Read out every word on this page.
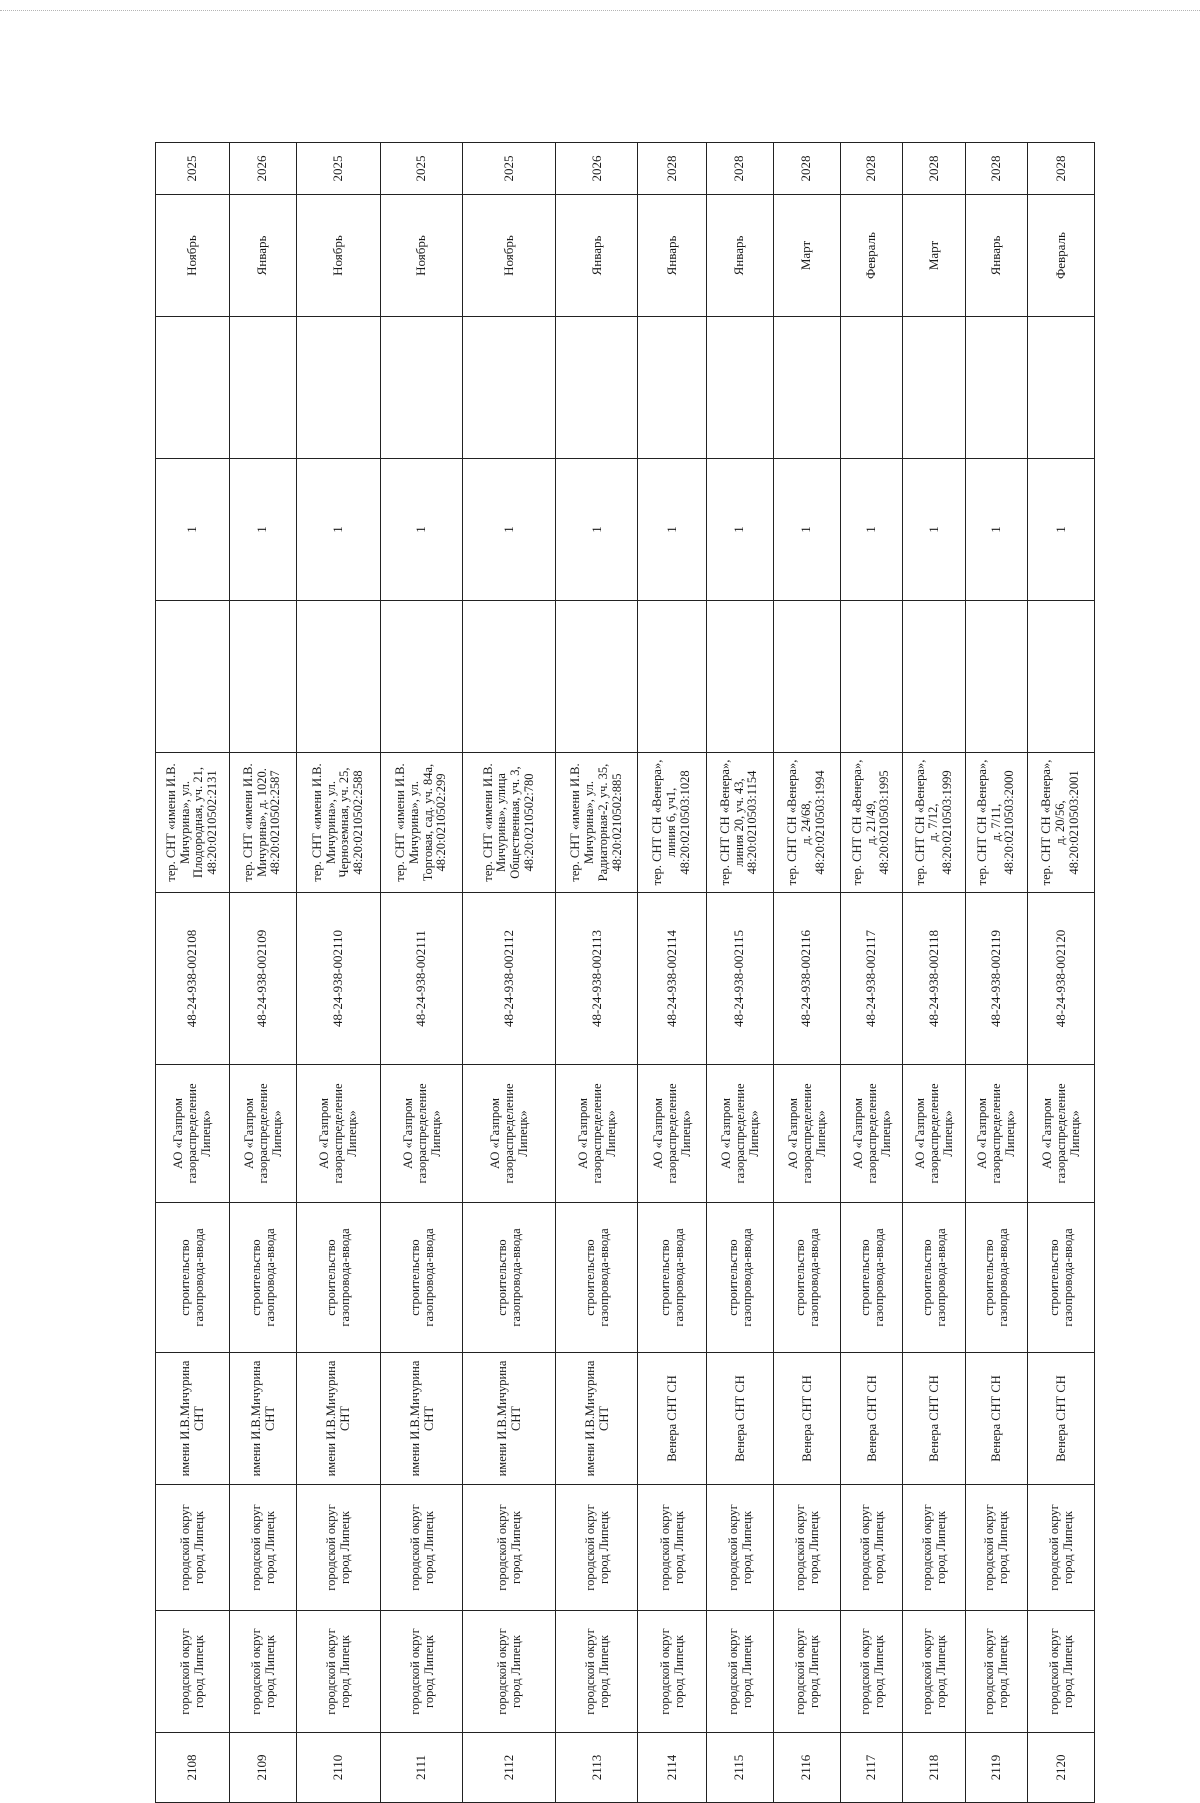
2108	городской округ город Липецк	городской округ город Липецк	имени И.В.Мичурина СНТ	строительство газопровода-ввода	АО «Газпром газораспределение Липецк»	48-24-938-002108	тер. СНТ «имени И.В. Мичурина», ул. Плодородная, уч. 21, 48:20:0210502:2131		1		Ноябрь	2025
2109	городской округ город Липецк	городской округ город Липецк	имени И.В.Мичурина СНТ	строительство газопровода-ввода	АО «Газпром газораспределение Липецк»	48-24-938-002109	тер. СНТ «имени И.В. Мичурина», д. 1020. 48:20:0210502:2587		1		Январь	2026
2110	городской округ город Липецк	городской округ город Липецк	имени И.В.Мичурина СНТ	строительство газопровода-ввода	АО «Газпром газораспределение Липецк»	48-24-938-002110	тер. СНТ «имени И.В. Мичурина», ул. Черноземная, уч. 25, 48:20:0210502:2588		1		Ноябрь	2025
2111	городской округ город Липецк	городской округ город Липецк	имени И.В.Мичурина СНТ	строительство газопровода-ввода	АО «Газпром газораспределение Липецк»	48-24-938-002111	тер. СНТ «имени И.В. Мичурина», ул. Торговая, сад. уч. 84а, 48:20:0210502:299		1		Ноябрь	2025
2112	городской округ город Липецк	городской округ город Липецк	имени И.В.Мичурина СНТ	строительство газопровода-ввода	АО «Газпром газораспределение Липецк»	48-24-938-002112	тер. СНТ «имени И.В. Мичурина», улица Общественная, уч. 3, 48:20:0210502:780		1		Ноябрь	2025
2113	городской округ город Липецк	городской округ город Липецк	имени И.В.Мичурина СНТ	строительство газопровода-ввода	АО «Газпром газораспределение Липецк»	48-24-938-002113	тер. СНТ «имени И.В. Мичурина», ул. Радиаторная-2, уч. 35, 48:20:0210502:885		1		Январь	2026
2114	городской округ город Липецк	городской округ город Липецк	Венера СНТ СН	строительство газопровода-ввода	АО «Газпром газораспределение Липецк»	48-24-938-002114	тер. СНТ СН «Венера», линия 6, уч1, 48:20:0210503:1028		1		Январь	2028
2115	городской округ город Липецк	городской округ город Липецк	Венера СНТ СН	строительство газопровода-ввода	АО «Газпром газораспределение Липецк»	48-24-938-002115	тер. СНТ СН «Венера», линия 20, уч. 43, 48:20:0210503:1154		1		Январь	2028
2116	городской округ город Липецк	городской округ город Липецк	Венера СНТ СН	строительство газопровода-ввода	АО «Газпром газораспределение Липецк»	48-24-938-002116	тер. СНТ СН «Венера», д. 24/68, 48:20:0210503:1994		1		Март	2028
2117	городской округ город Липецк	городской округ город Липецк	Венера СНТ СН	строительство газопровода-ввода	АО «Газпром газораспределение Липецк»	48-24-938-002117	тер. СНТ СН «Венера», д. 21/49, 48:20:0210503:1995		1		Февраль	2028
2118	городской округ город Липецк	городской округ город Липецк	Венера СНТ СН	строительство газопровода-ввода	АО «Газпром газораспределение Липецк»	48-24-938-002118	тер. СНТ СН «Венера», д. 7/12, 48:20:0210503:1999		1		Март	2028
2119	городской округ город Липецк	городской округ город Липецк	Венера СНТ СН	строительство газопровода-ввода	АО «Газпром газораспределение Липецк»	48-24-938-002119	тер. СНТ СН «Венера», д. 7/11, 48:20:0210503:2000		1		Январь	2028
2120	городской округ город Липецк	городской округ город Липецк	Венера СНТ СН	строительство газопровода-ввода	АО «Газпром газораспределение Липецк»	48-24-938-002120	тер. СНТ СН «Венера», д. 20/56, 48:20:0210503:2001		1		Февраль	2028
